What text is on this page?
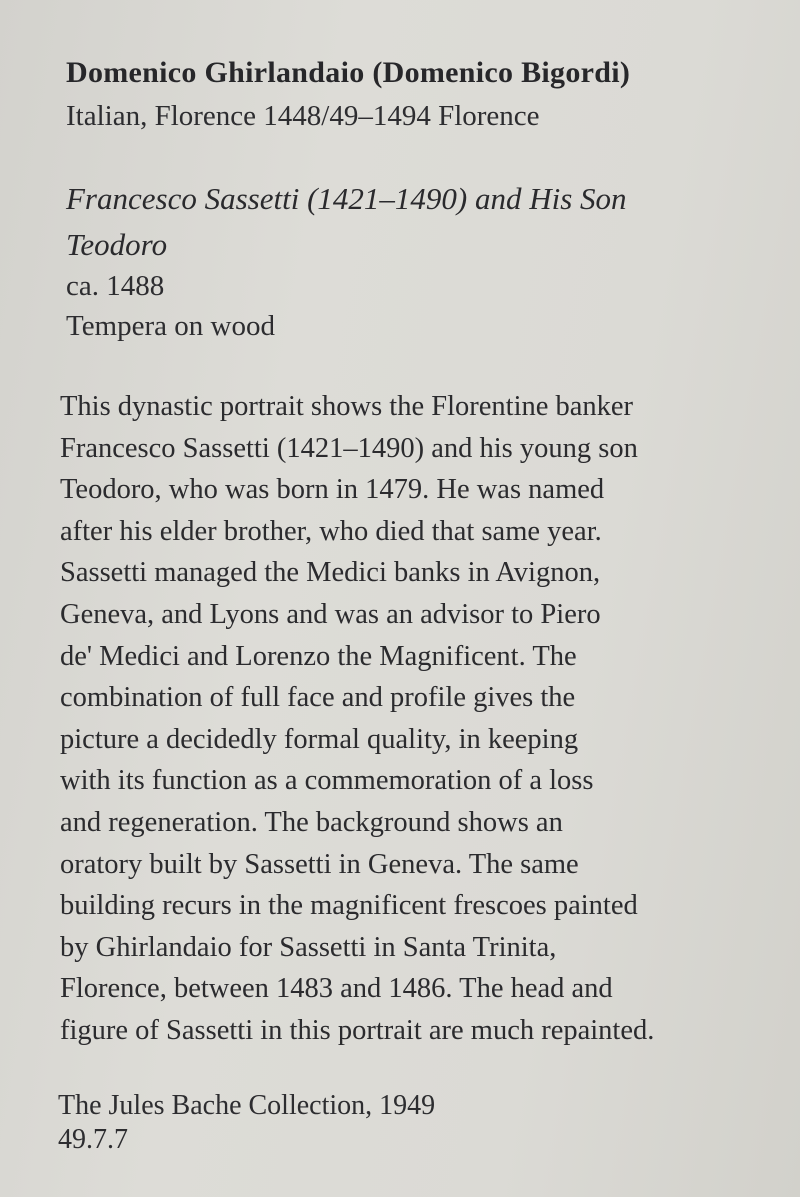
Domenico Ghirlandaio (Domenico Bigordi)
Italian, Florence 1448/49–1494 Florence
Francesco Sassetti (1421–1490) and His Son
Teodoro
ca. 1488
Tempera on wood
This dynastic portrait shows the Florentine banker
Francesco Sassetti (1421–1490) and his young son
Teodoro, who was born in 1479. He was named
after his elder brother, who died that same year.
Sassetti managed the Medici banks in Avignon,
Geneva, and Lyons and was an advisor to Piero
de' Medici and Lorenzo the Magnificent. The
combination of full face and profile gives the
picture a decidedly formal quality, in keeping
with its function as a commemoration of a loss
and regeneration. The background shows an
oratory built by Sassetti in Geneva. The same
building recurs in the magnificent frescoes painted
by Ghirlandaio for Sassetti in Santa Trinita,
Florence, between 1483 and 1486. The head and
figure of Sassetti in this portrait are much repainted.
The Jules Bache Collection, 1949
49.7.7
